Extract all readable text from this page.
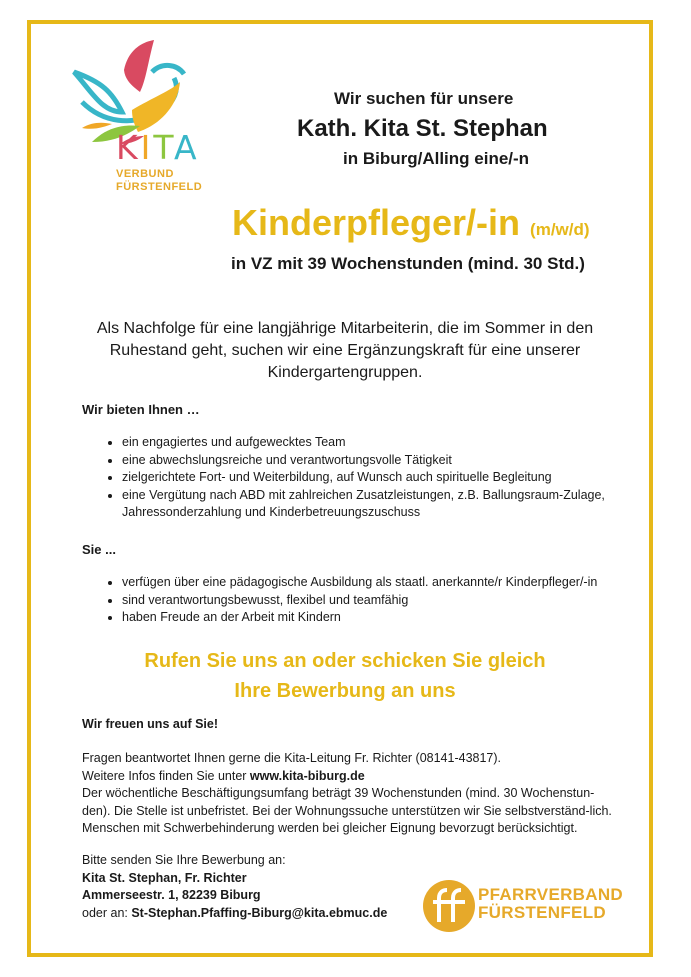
KITA
VERBUND
FÜRSTENFELD
Wir suchen für unsere
Kath. Kita St. Stephan
in Biburg/Alling eine/-n
Kinderpfleger/-in (m/w/d)
in VZ mit 39 Wochenstunden (mind. 30 Std.)
Als Nachfolge für eine langjährige Mitarbeiterin, die im Sommer in den Ruhestand geht, suchen wir eine Ergänzungskraft für eine unserer Kindergartengruppen.
Wir bieten Ihnen …
• ein engagiertes und aufgewecktes Team
• eine abwechslungsreiche und verantwortungsvolle Tätigkeit
• zielgerichtete Fort- und Weiterbildung, auf Wunsch auch spirituelle Begleitung
• eine Vergütung nach ABD mit zahlreichen Zusatzleistungen, z.B. Ballungsraum-Zulage, Jahressonderzahlung und Kinderbetreuungszuschuss
Sie ...
• verfügen über eine pädagogische Ausbildung als staatl. anerkannte/r Kinderpfleger/-in
• sind verantwortungsbewusst, flexibel und teamfähig
• haben Freude an der Arbeit mit Kindern
Rufen Sie uns an oder schicken Sie gleich
Ihre Bewerbung an uns
Wir freuen uns auf Sie!
Fragen beantwortet Ihnen gerne die Kita-Leitung Fr. Richter (08141-43817).
Weitere Infos finden Sie unter www.kita-biburg.de
Der wöchentliche Beschäftigungsumfang beträgt 39 Wochenstunden (mind. 30 Wochenstun-den). Die Stelle ist unbefristet. Bei der Wohnungssuche unterstützen wir Sie selbstverständ-lich. Menschen mit Schwerbehinderung werden bei gleicher Eignung bevorzugt berücksichtigt.
Bitte senden Sie Ihre Bewerbung an:
Kita St. Stephan, Fr. Richter
Ammerseestr. 1, 82239 Biburg
oder an: St-Stephan.Pfaffing-Biburg@kita.ebmuc.de
PFARRVERBAND
FÜRSTENFELD
